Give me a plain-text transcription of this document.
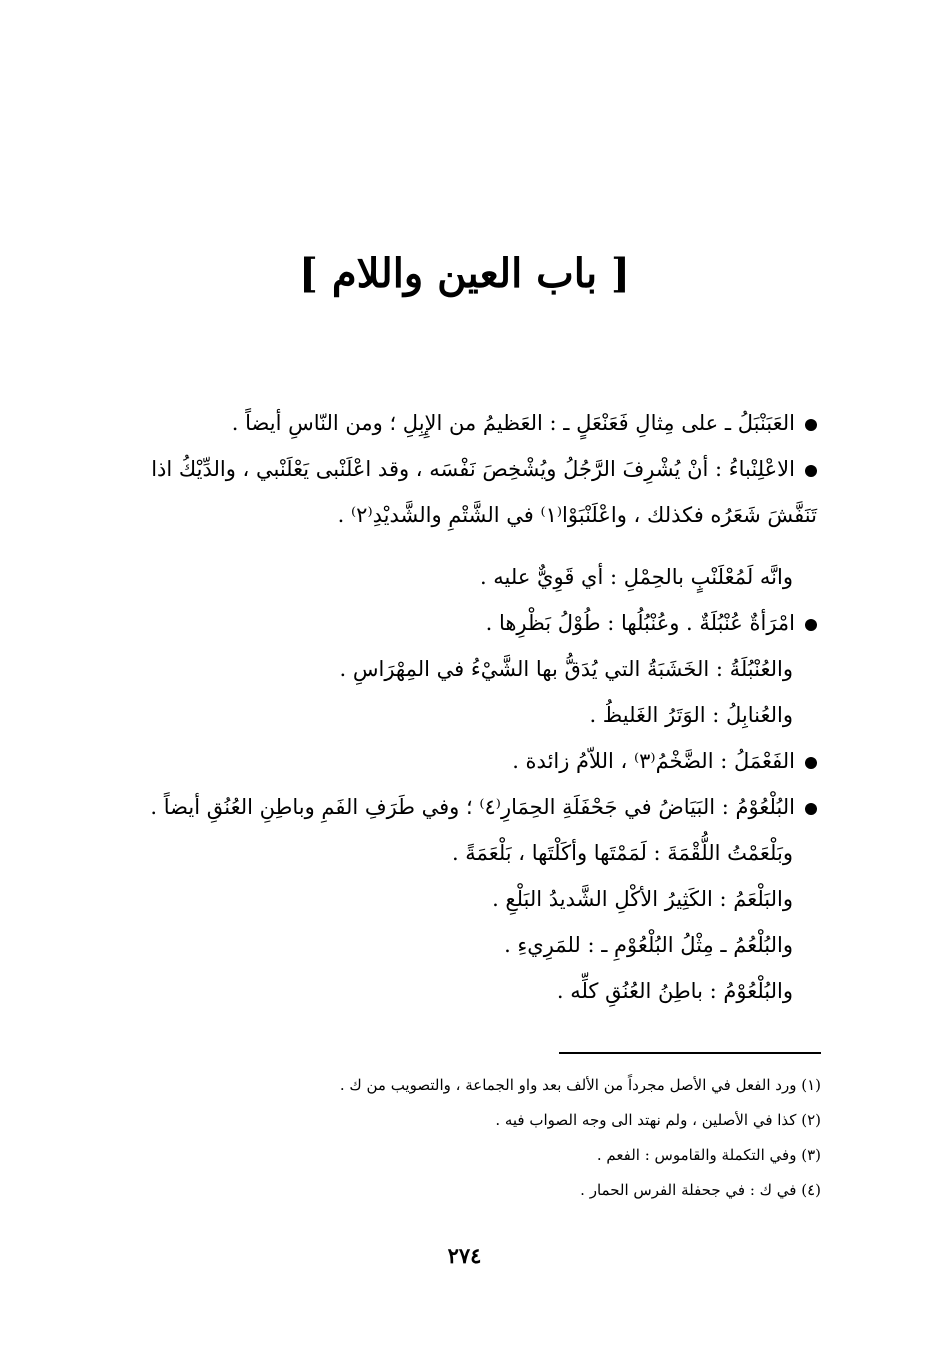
[ باب العين واللام ]

العَبَنْبَلُ ـ على مِثالِ فَعَنْعَلٍ ـ : العَظيمُ من الإِبِلِ ؛ ومن النّاسِ أيضاً .

الاعْلِنْباءُ : أنْ يُشْرِفَ الرَّجُلُ ويُشْخِصَ نَفْسَه ، وقد اعْلَنْبى يَعْلَنْبي ، والدِّيْكُ اذا تَنَفَّشَ شَعَرُه فكذلك ، واعْلَنْبَوْا⁽١⁾ في الشَّتْمِ والشَّديْدِ⁽٢⁾ .

وانَّه لَمُعْلَنْبٍ بالحِمْلِ : أي قَوِيٌّ عليه .

امْرَأةٌ عُنْبُلَةٌ . وعُنْبُلُها : طُوْلُ بَظْرِها .

والعُنْبُلَةُ : الخَشَبَةُ التي يُدَقُّ بها الشَّيْءُ في المِهْرَاسِ .

والعُنابِلُ : الوَتَرُ الغَليظُ .

الفَعْمَلُ : الضَّخْمُ⁽٣⁾ ، اللاّمُ زائدة .

البُلْعُوْمُ : البَيَاضُ في جَحْفَلَةِ الحِمَارِ⁽٤⁾ ؛ وفي طَرَفِ الفَمِ وباطِنِ العُنُقِ أيضاً .

وبَلْعَمْتُ اللُّقْمَةَ : لَمَمْتَها وأكَلْتَها ، بَلْعَمَةً .

والبَلْعَمُ : الكَثِيرُ الأكْلِ الشَّديدُ البَلْعِ .

والبُلْعُمُ ـ مِثْلُ البُلْعُوْمِ ـ : للمَرِيءِ .

والبُلْعُوْمُ : باطِنُ العُنُقِ كلِّه .

(١) ورد الفعل في الأصل مجرداً من الألف بعد واو الجماعة ، والتصويب من ك .

(٢) كذا في الأصلين ، ولم نهتد الى وجه الصواب فيه .

(٣) وفي التكملة والقاموس : الفعم .

(٤) في ك : في جحفلة الفرس الحمار .

٢٧٤
